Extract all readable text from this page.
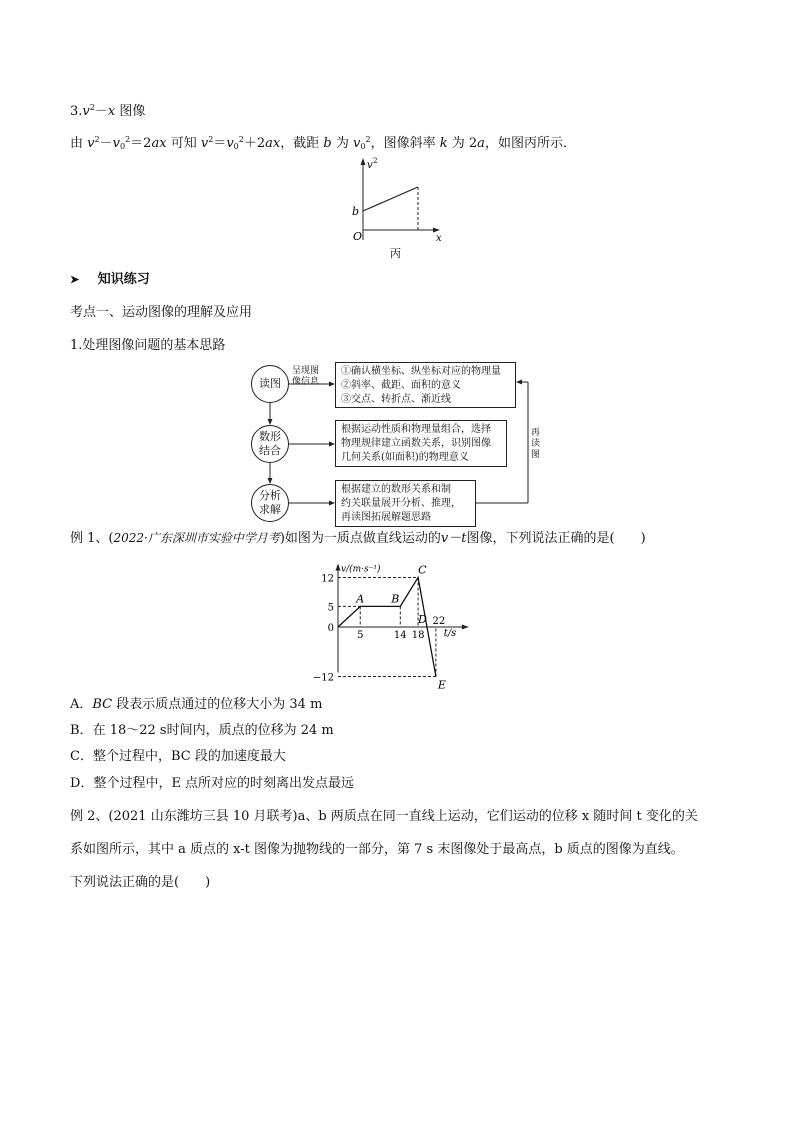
$3.v^2-x$ 图像
由 $v^2-v_0^2=2ax$ 可知 $v^2=v_0^2+2ax$，截距 b 为 $v_0^2$，图像斜率 k 为 2a，如图丙所示．
v 2
b
O	x
丙
➤ 知识练习
考点一、运动图像的理解及应用
1.处理图像问题的基本思路
读图
数形
结合
分析
求解
呈现图
像信息
①确认横坐标、纵坐标对应的物理量
②斜率、截距、面积的意义
③交点、转折点、渐近线
根据运动性质和物理量组合，选择
物理规律建立函数关系，识别图像
几何关系(如面积)的物理意义
根据建立的数形关系和制
约关联量展开分析、推理，
再读图拓展解题思路
再
读
图
例 1、(2022·广东深圳市实验中学月考)如图为一质点做直线运动的v－t图像，下列说法正确的是(　　)
v/(m·s⁻¹)
t/s
12
5
0
−12
5	14 18
22
A B
C
D
E
A．BC 段表示质点通过的位移大小为 34 m
B．在 18～22 s时间内，质点的位移为 24 m
C．整个过程中，BC 段的加速度最大
D．整个过程中，E 点所对应的时刻离出发点最远
例 2、(2021 山东潍坊三县 10 月联考)a、b 两质点在同一直线上运动，它们运动的位移 x 随时间 t 变化的关
系如图所示，其中 a 质点的 x-t 图像为抛物线的一部分，第 7 s 末图像处于最高点，b 质点的图像为直线。
下列说法正确的是(　　)
